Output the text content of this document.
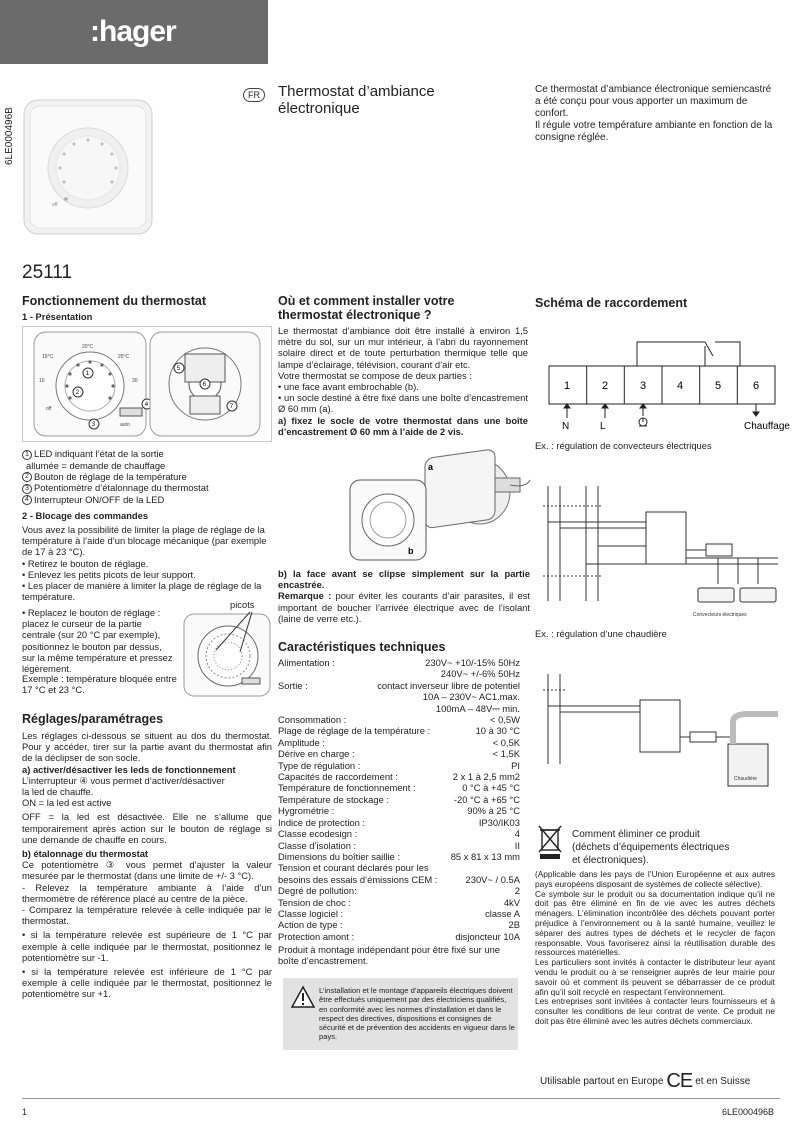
:hager
6LE000496B
off
FR	Thermostat d’ambiance
électronique

Ce thermostat d’ambiance électronique semiencastré a été conçu pour vous apporter un maximum de confort.

Il régule votre température ambiante en fonction de la consigne réglée.

25111
Fonctionnement du thermostat
1 - Présentation
20°C
15°C	25°C
10	30
off
1
2
3
4
auto
5
6
7
1 LED indiquant l’état de la sortie
allumée = demande de chauffage
2 Bouton de réglage de la température
3 Potentiomètre d’étalonnage du thermostat
4 Interrupteur ON/OFF de la LED
2 - Blocage des commandes

Vous avez la possibilité de limiter la plage de réglage de la température à l’aide d’un blocage mécanique (par exemple de 17 à 23 °C).

• Retirez le bouton de réglage.

• Enlevez les petits picots de leur support.

• Les placer de manière à limiter la plage de réglage de la température.

• Replacez le bouton de réglage : placez le curseur de la partie centrale (sur 20 °C par exemple), positionnez le bouton par dessus, sur la même température et pressez légèrement.
picots
Exemple : température bloquée entre 17 °C et 23 °C.
Réglages/paramétrages

Les réglages ci-dessous se situent au dos du thermostat. Pour y accéder, tirer sur la partie avant du thermostat afin de la déclipser de son socle.

a) activer/désactiver les leds de fonctionnement

L’interrupteur ④ vous permet d’activer/désactiver

la led de chauffe.

ON = la led est active

OFF = la led est désactivée. Elle ne s’allume que temporairement après action sur le bouton de réglage si une demande de chauffe en cours.

b) étalonnage du thermostat

Ce potentiomètre ③ vous permet d’ajuster la valeur mesurée par le thermostat (dans une limite de +/- 3 °C).

- Relevez la température ambiante à l’aide d’un thermomètre de référence placé au centre de la pièce.

- Comparez la température relevée à celle indiquée par le thermostat.

• si la température relevée est supérieure de 1 °C par exemple à celle indiquée par le thermostat, positionnez le potentiomètre sur -1.

• si la température relevée est inférieure de 1 °C par exemple à celle indiquée par le thermostat, positionnez le potentiomètre sur +1.

Où et comment installer votre thermostat électronique ?

Le thermostat d’ambiance doit être installé à environ 1,5 mètre du sol, sur un mur intérieur, à l’abri du rayonnement solaire direct et de toute perturbation thermique telle que lampe d’éclairage, télévision, courant d’air etc.

Votre thermostat se compose de deux parties :

• une face avant embrochable (b).

• un socle destiné à être fixé dans une boîte d’encastrement Ø 60 mm (a).

a) fixez le socle de votre thermostat dans une boîte d’encastrement Ø 60 mm à l’aide de 2 vis.

a
b

b) la face avant se clipse simplement sur la partie encastrée.

Remarque : pour éviter les courants d’air parasites, il est important de boucher l’arrivée électrique avec de l’isolant (laine de verre etc.).

Caractéristiques techniques
Alimentation :	230V~ +10/-15% 50Hz
240V~ +/-6% 50Hz
Sortie :	contact inverseur libre de potentiel
10A – 230V~ AC1.max.
100mA – 48V⎓ min.
Consommation :	< 0,5W
Plage de réglage de la température :	10 à 30 °C
Amplitude :	< 0,5K
Dérive en charge :	< 1,5K
Type de régulation :	PI
Capacités de raccordement :	2 x 1 à 2,5 mm2
Température de fonctionnement :	0 °C à +45 °C
Température de stockage :	-20 °C à +65 °C
Hygrométrie :	90% à 25 °C
Indice de protection :	IP30/IK03
Classe ecodesign :	4
Classe d’isolation :	II
Dimensions du boîtier saillie :	85 x 81 x 13 mm
Tension et courant déclarés pour les
besoins des essais d’émissions CEM :	230V~ / 0.5A
Degré de pollution:	2
Tension de choc :	4kV
Classe logiciel :	classe A
Action de type :	2B
Protection amont :	disjoncteur 10A
Produit à montage indépendant pour être fixé sur une boîte d’encastrement.
L’installation et le montage d’appareils électriques doivent être effectués uniquement par des électriciens qualifiés, en conformité avec les normes d’installation et dans le respect des directives, dispositions et consignes de sécurité et de prévention des accidents en vigueur dans le pays.
Schéma de raccordement
1	2	3	4	5	6
N	L	Chauffage
Ex. : régulation de convecteurs électriques
Convecteurs électriques
Ex. : régulation d’une chaudière
Chaudière
Comment éliminer ce produit
(déchets d’équipements électriques
et électroniques).

(Applicable dans les pays de l’Union Européenne et aux autres pays européens disposant de systèmes de collecte sélective).

Ce symbole sur le produit ou sa documentation indique qu’il ne doit pas être éliminé en fin de vie avec les autres déchets ménagers. L’élimination incontrôlée des déchets pouvant porter préjudice à l’environnement ou à la santé humaine, veuillez le séparer des autres types de déchets et le recycler de façon responsable. Vous favoriserez ainsi la réutilisation durable des ressources matérielles.

Les particuliers sont invités à contacter le distributeur leur ayant vendu le produit ou à se renseigner auprès de leur mairie pour savoir où et comment ils peuvent se débarrasser de ce produit afin qu’il soit recyclé en respectant l’environnement.

Les entreprises sont invitées à contacter leurs fournisseurs et à consulter les conditions de leur contrat de vente. Ce produit ne doit pas être éliminé avec les autres déchets commerciaux.

Utilisable partout en Europe CE et en Suisse
1	6LE000496B
